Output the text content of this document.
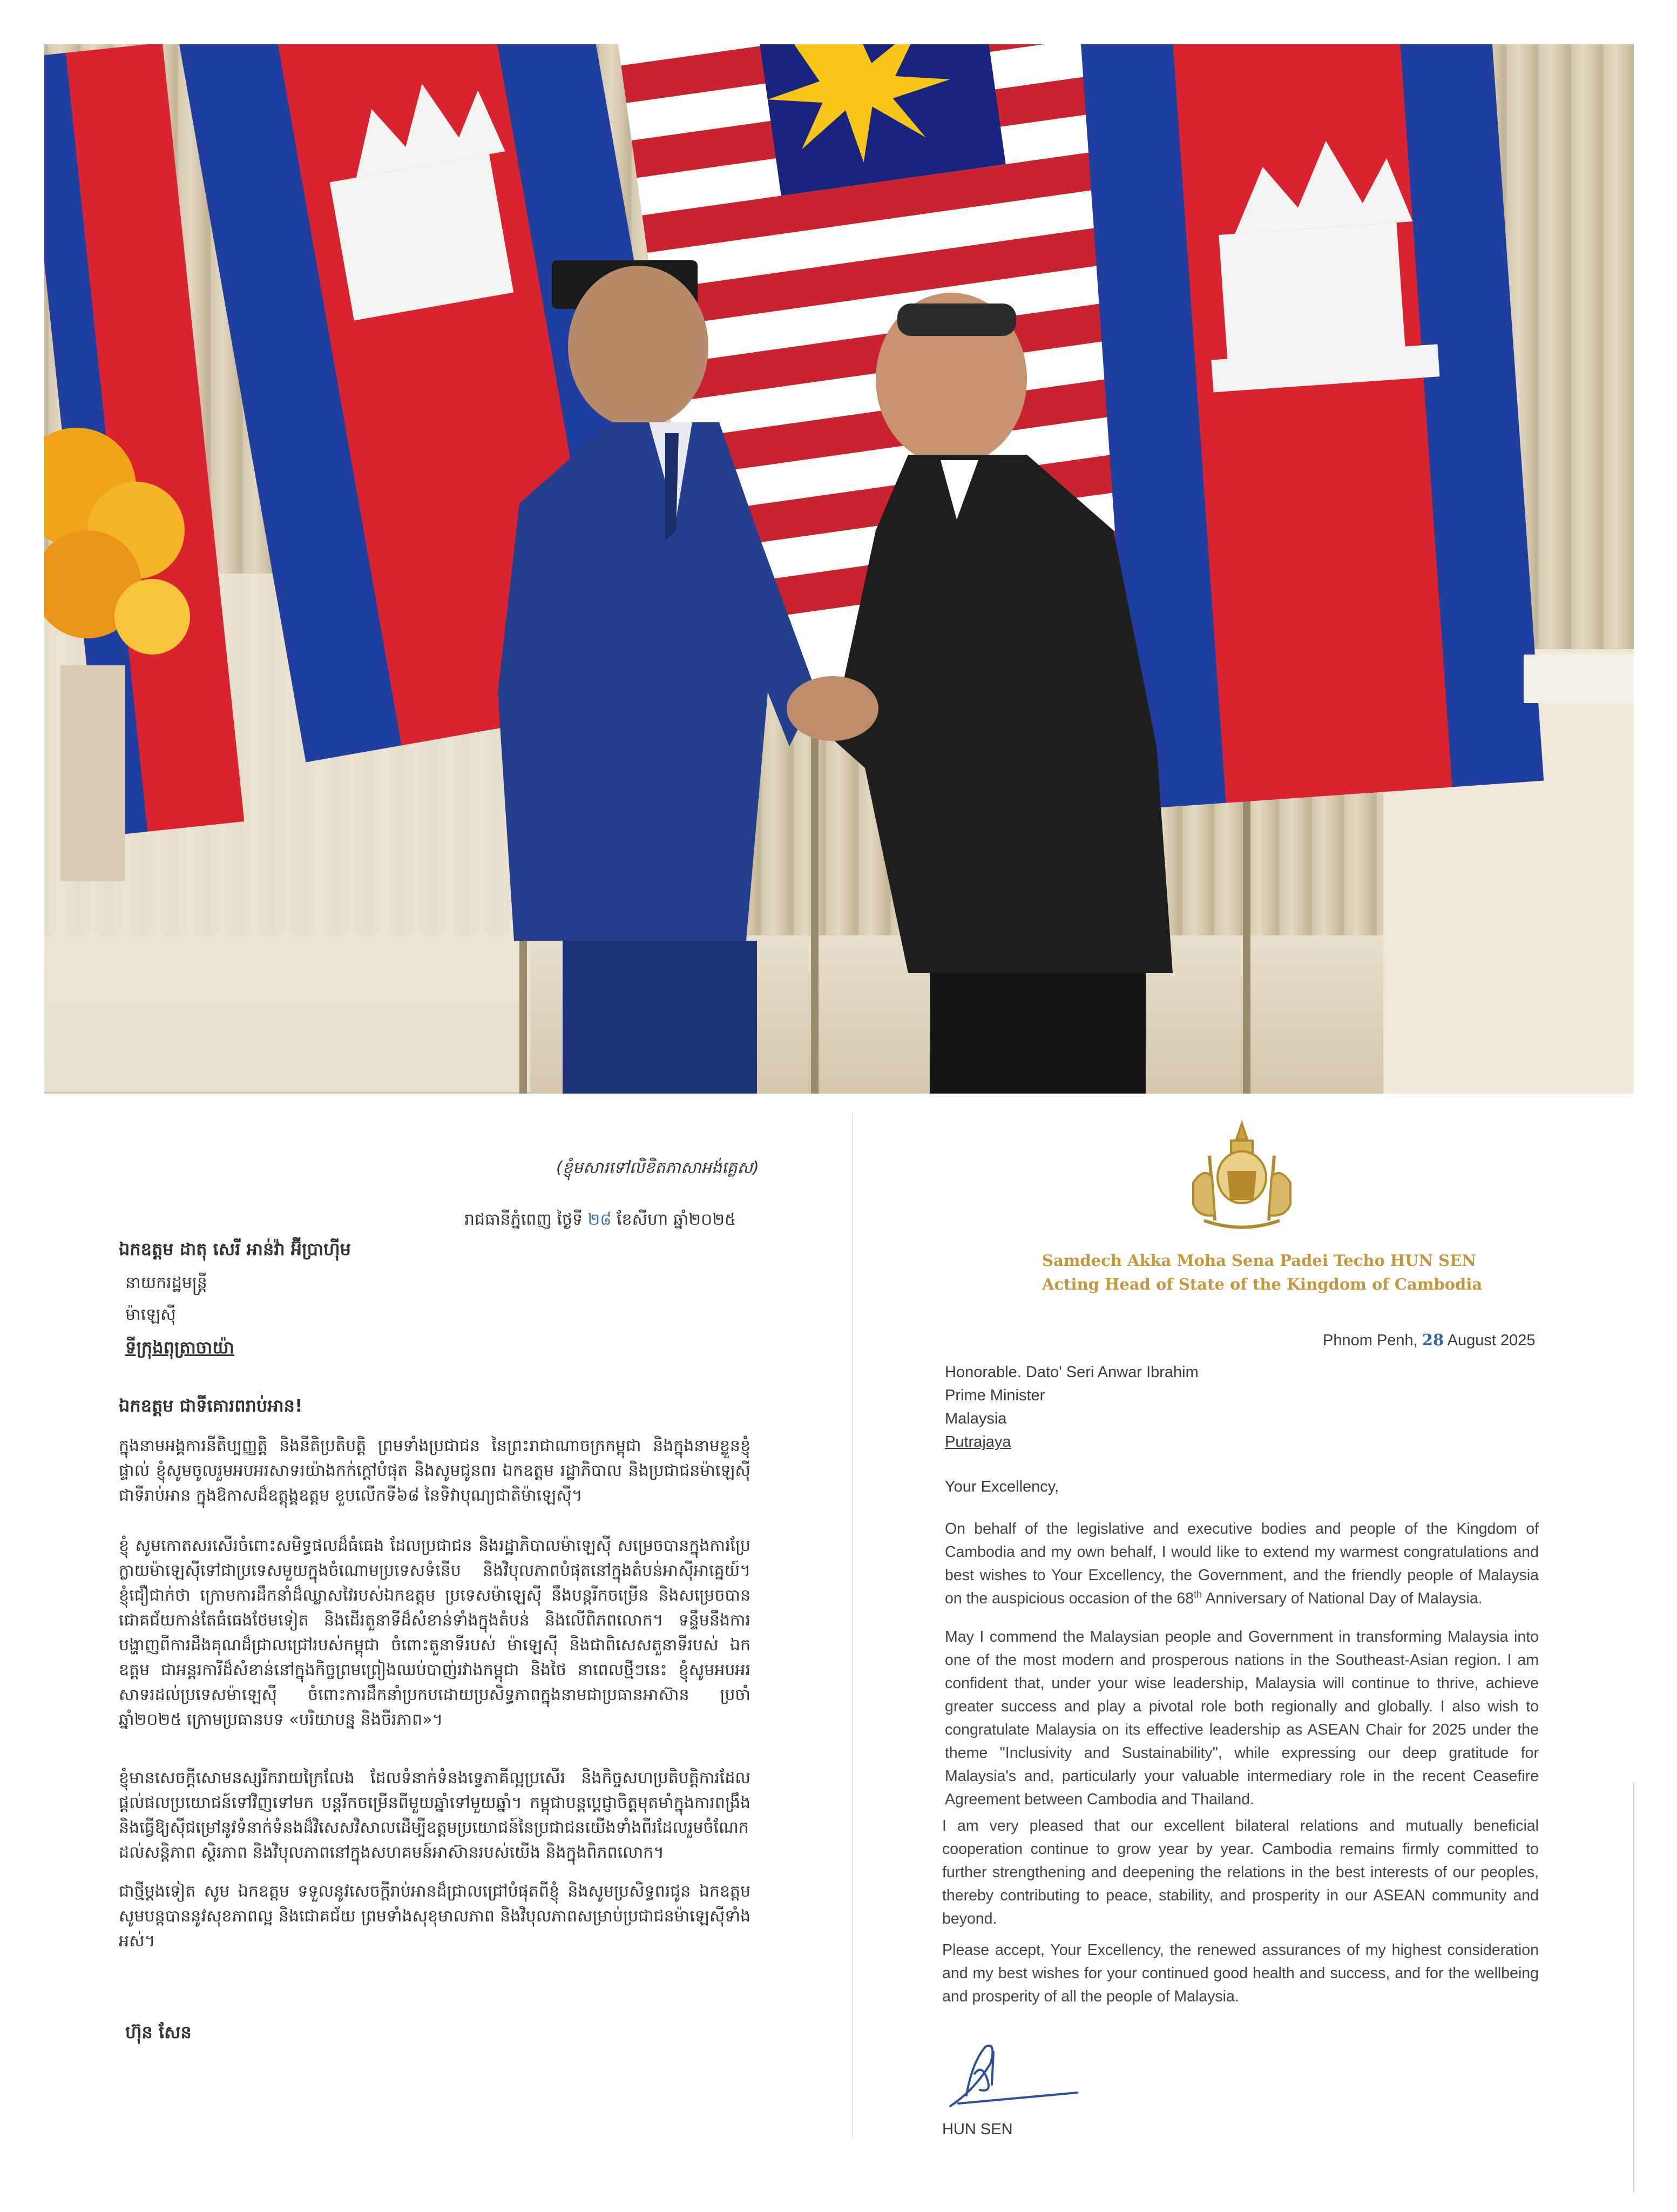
(ខ្ញុំមសារទៅលិខិតភាសាអង់គ្លេស)
រាជធានីភ្នំពេញ ថ្ងៃទី ២៨ ខែសីហា ឆ្នាំ២០២៥
ឯកឧត្តម ដាតុ សេរី អាន់វ៉ា អ៊ីប្រាហ៊ីម
នាយករដ្ឋមន្ត្រី
ម៉ាឡេស៊ី
ទីក្រុងពុត្រាចាយ៉ា
ឯកឧត្តម ជាទីគោរពរាប់អាន!
ក្នុងនាមអង្គការនីតិប្បញ្ញត្តិ និងនីតិប្រតិបត្តិ ព្រមទាំងប្រជាជន នៃព្រះរាជាណាចក្រកម្ពុជា និងក្នុងនាមខ្លួនខ្ញុំផ្ទាល់ ខ្ញុំសូមចូលរួមអបអរសាទរយ៉ាងកក់ក្ដៅបំផុត និងសូមជូនពរ ឯកឧត្តម រដ្ឋាភិបាល និងប្រជាជនម៉ាឡេស៊ី ជាទីរាប់អាន ក្នុងឱកាសដ៏ឧត្តុង្គឧត្តម ខួបលើកទី៦៨ នៃទិវាបុណ្យជាតិម៉ាឡេស៊ី។
ខ្ញុំ សូមកោតសរសើរចំពោះសមិទ្ធផលដ៏ធំធេង ដែលប្រជាជន និងរដ្ឋាភិបាលម៉ាឡេស៊ី សម្រេចបានក្នុងការប្រែក្លាយម៉ាឡេស៊ីទៅជាប្រទេសមួយក្នុងចំណោមប្រទេសទំនើប និងវិបុលភាពបំផុតនៅក្នុងតំបន់អាស៊ីអាគ្នេយ៍។ ខ្ញុំជឿជាក់ថា ក្រោមការដឹកនាំដ៏ឈ្លាសវៃរបស់ឯកឧត្តម ប្រទេសម៉ាឡេស៊ី នឹងបន្តរីកចម្រើន និងសម្រេចបានជោគជ័យកាន់តែធំធេងថែមទៀត និងដើរតួនាទីដ៏សំខាន់ទាំងក្នុងតំបន់ និងលើពិភពលោក។ ទន្ទឹមនឹងការបង្ហាញពីការដឹងគុណដ៏ជ្រាលជ្រៅរបស់កម្ពុជា ចំពោះតួនាទីរបស់ ម៉ាឡេស៊ី និងជាពិសេសតួនាទីរបស់ ឯកឧត្តម ជាអន្តរការីដ៏សំខាន់នៅក្នុងកិច្ចព្រមព្រៀងឈប់បាញ់រវាងកម្ពុជា និងថៃ នាពេលថ្មីៗនេះ ខ្ញុំសូមអបអរសាទរដល់ប្រទេសម៉ាឡេស៊ី ចំពោះការដឹកនាំប្រកបដោយប្រសិទ្ធភាពក្នុងនាមជាប្រធានអាស៊ាន ប្រចាំឆ្នាំ២០២៥ ក្រោមប្រធានបទ «បរិយាបន្ន និងចីរភាព»។
ខ្ញុំមានសេចក្តីសោមនស្សរីករាយក្រៃលែង ដែលទំនាក់ទំនងទ្វេភាគីល្អប្រសើរ និងកិច្ចសហប្រតិបត្តិការដែលផ្តល់ផលប្រយោជន៍ទៅវិញទៅមក បន្តរីកចម្រើនពីមួយឆ្នាំទៅមួយឆ្នាំ។ កម្ពុជាបន្តប្តេជ្ញាចិត្តមុតមាំក្នុងការពង្រឹង និងធ្វើឱ្យស៊ីជម្រៅនូវទំនាក់ទំនងដ៏វិសេសវិសាលដើម្បីឧត្តមប្រយោជន៍នៃប្រជាជនយើងទាំងពីរដែលរួមចំណែកដល់សន្តិភាព ស្ថិរភាព និងវិបុលភាពនៅក្នុងសហគមន៍អាស៊ានរបស់យើង និងក្នុងពិភពលោក។
ជាថ្មីម្តងទៀត សូម ឯកឧត្តម ទទួលនូវសេចក្តីរាប់អានដ៏ជ្រាលជ្រៅបំផុតពីខ្ញុំ និងសូមប្រសិទ្ធពរជូន ឯកឧត្តម សូមបន្តបាននូវសុខភាពល្អ និងជោគជ័យ ព្រមទាំងសុខុមាលភាព និងវិបុលភាពសម្រាប់ប្រជាជនម៉ាឡេស៊ីទាំងអស់។
ហ៊ុន សែន
Samdech Akka Moha Sena Padei Techo HUN SEN
Acting Head of State of the Kingdom of Cambodia
Phnom Penh, 28 August 2025
Honorable. Dato' Seri Anwar Ibrahim
Prime Minister
Malaysia
Putrajaya
Your Excellency,
On behalf of the legislative and executive bodies and people of the Kingdom of Cambodia and my own behalf, I would like to extend my warmest congratulations and best wishes to Your Excellency, the Government, and the friendly people of Malaysia on the auspicious occasion of the 68th Anniversary of National Day of Malaysia.
May I commend the Malaysian people and Government in transforming Malaysia into one of the most modern and prosperous nations in the Southeast-Asian region. I am confident that, under your wise leadership, Malaysia will continue to thrive, achieve greater success and play a pivotal role both regionally and globally. I also wish to congratulate Malaysia on its effective leadership as ASEAN Chair for 2025 under the theme "Inclusivity and Sustainability", while expressing our deep gratitude for Malaysia's and, particularly your valuable intermediary role in the recent Ceasefire Agreement between Cambodia and Thailand.
I am very pleased that our excellent bilateral relations and mutually beneficial cooperation continue to grow year by year. Cambodia remains firmly committed to further strengthening and deepening the relations in the best interests of our peoples, thereby contributing to peace, stability, and prosperity in our ASEAN community and beyond.
Please accept, Your Excellency, the renewed assurances of my highest consideration and my best wishes for your continued good health and success, and for the wellbeing and prosperity of all the people of Malaysia.
HUN SEN
